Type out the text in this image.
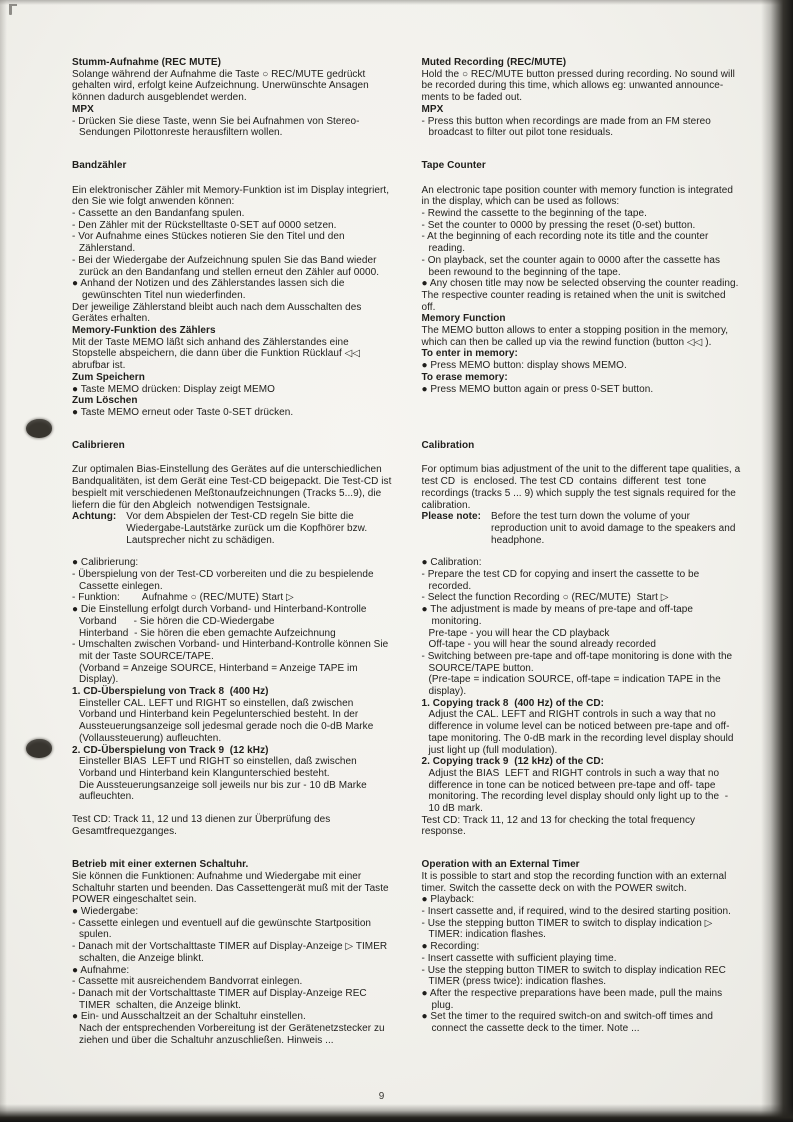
Stumm-Aufnahme (REC MUTE)
Solange während der Aufnahme die Taste ○ REC/MUTE gedrückt gehalten wird, erfolgt keine Aufzeichnung. Unerwünschte Ansagen können dadurch ausgeblendet werden.
MPX
- Drücken Sie diese Taste, wenn Sie bei Aufnahmen von Stereo-Sendungen Pilottonreste herausfiltern wollen.
Muted Recording (REC/MUTE)
Hold the ○ REC/MUTE button pressed during recording. No sound will be recorded during this time, which allows eg: unwanted announce-ments to be faded out.
MPX
- Press this button when recordings are made from an FM stereo broadcast to filter out pilot tone residuals.
Bandzähler
Ein elektronischer Zähler mit Memory-Funktion ist im Display integriert, den Sie wie folgt anwenden können:
- Cassette an den Bandanfang spulen.
- Den Zähler mit der Rückstelltaste 0-SET auf 0000 setzen.
- Vor Aufnahme eines Stückes notieren Sie den Titel und den Zählerstand.
- Bei der Wiedergabe der Aufzeichnung spulen Sie das Band wieder zurück an den Bandanfang und stellen erneut den Zähler auf 0000.
● Anhand der Notizen und des Zählerstandes lassen sich die gewünschten Titel nun wiederfinden.
Der jeweilige Zählerstand bleibt auch nach dem Ausschalten des Gerätes erhalten.
Memory-Funktion des Zählers
Mit der Taste MEMO läßt sich anhand des Zählerstandes eine Stopstelle abspeichern, die dann über die Funktion Rücklauf ◁◁  abrufbar ist.
Zum Speichern
● Taste MEMO drücken: Display zeigt MEMO
Zum Löschen
● Taste MEMO erneut oder Taste 0-SET drücken.
Tape Counter
An electronic tape position counter with memory function is integrated in the display, which can be used as follows:
- Rewind the cassette to the beginning of the tape.
- Set the counter to 0000 by pressing the reset (0-set) button.
- At the beginning of each recording note its title and the counter reading.
- On playback, set the counter again to 0000 after the cassette has been rewound to the beginning of the tape.
● Any chosen title may now be selected observing the counter reading.
The respective counter reading is retained when the unit is switched off.
Memory Function
The MEMO button allows to enter a stopping position in the memory, which can then be called up via the rewind function (button ◁◁ ).
To enter in memory:
● Press MEMO button: display shows MEMO.
To erase memory:
● Press MEMO button again or press 0-SET button.
Calibrieren
Zur optimalen Bias-Einstellung des Gerätes auf die unterschiedlichen Bandqualitäten, ist dem Gerät eine Test-CD beigepackt. Die Test-CD ist bespielt mit verschiedenen Meßtonaufzeichnungen (Tracks 5...9), die liefern die für den Abgleich  notwendigen Testsignale.
Achtung: Vor dem Abspielen der Test-CD regeln Sie bitte die Wiedergabe-Lautstärke zurück um die Kopfhörer bzw. Lautsprecher nicht zu schädigen.
● Calibrierung:
- Überspielung von der Test-CD vorbereiten und die zu bespielende Cassette einlegen.
- Funktion:        Aufnahme ○ (REC/MUTE) Start ▷
● Die Einstellung erfolgt durch Vorband- und Hinterband-Kontrolle
Vorband      - Sie hören die CD-Wiedergabe
Hinterband  - Sie hören die eben gemachte Aufzeichnung
- Umschalten zwischen Vorband- und Hinterband-Kontrolle können Sie mit der Taste SOURCE/TAPE.
(Vorband = Anzeige SOURCE, Hinterband = Anzeige TAPE im Display).
1. CD-Überspielung von Track 8  (400 Hz)
Einsteller CAL. LEFT und RIGHT so einstellen, daß zwischen Vorband und Hinterband kein Pegelunterschied besteht. In der Aussteuerungsanzeige soll jedesmal gerade noch die 0-dB Marke (Vollaussteuerung) aufleuchten.
2. CD-Überspielung von Track 9  (12 kHz)
Einsteller BIAS  LEFT und RIGHT so einstellen, daß zwischen Vorband und Hinterband kein Klangunterschied besteht.
Die Aussteuerungsanzeige soll jeweils nur bis zur - 10 dB Marke aufleuchten.
Test CD: Track 11, 12 und 13 dienen zur Überprüfung des Gesamtfrequezganges.
Calibration
For optimum bias adjustment of the unit to the different tape qualities, a test CD  is  enclosed. The test CD  contains  different  test  tone recordings (tracks 5 ... 9) which supply the test signals required for the calibration.
Please note: Before the test turn down the volume of your reproduction unit to avoid damage to the speakers and headphone.
● Calibration:
- Prepare the test CD for copying and insert the cassette to be recorded.
- Select the function Recording ○ (REC/MUTE)  Start ▷
● The adjustment is made by means of pre-tape and off-tape monitoring.
Pre-tape - you will hear the CD playback
Off-tape - you will hear the sound already recorded
- Switching between pre-tape and off-tape monitoring is done with the SOURCE/TAPE button.
(Pre-tape = indication SOURCE, off-tape = indication TAPE in the display).
1. Copying track 8  (400 Hz) of the CD:
Adjust the CAL. LEFT and RIGHT controls in such a way that no difference in volume level can be noticed between pre-tape and off-tape monitoring. The 0-dB mark in the recording level display should just light up (full modulation).
2. Copying track 9  (12 kHz) of the CD:
Adjust the BIAS  LEFT and RIGHT controls in such a way that no difference in tone can be noticed between pre-tape and off- tape monitoring. The recording level display should only light up to the  - 10 dB mark.
Test CD: Track 11, 12 and 13 for checking the total frequency response.
Betrieb mit einer externen Schaltuhr.
Sie können die Funktionen: Aufnahme und Wiedergabe mit einer Schaltuhr starten und beenden. Das Cassettengerät muß mit der Taste POWER eingeschaltet sein.
● Wiedergabe:
- Cassette einlegen und eventuell auf die gewünschte Startposition spulen.
- Danach mit der Vortschalttaste TIMER auf Display-Anzeige ▷ TIMER  schalten, die Anzeige blinkt.
● Aufnahme:
- Cassette mit ausreichendem Bandvorrat einlegen.
- Danach mit der Vortschalttaste TIMER auf Display-Anzeige REC TIMER  schalten, die Anzeige blinkt.
● Ein- und Ausschaltzeit an der Schaltuhr einstellen.
Nach der entsprechenden Vorbereitung ist der Gerätenetzstecker zu ziehen und über die Schaltuhr anzuschließen. Hinweis ...
Operation with an External Timer
It is possible to start and stop the recording function with an external timer. Switch the cassette deck on with the POWER switch.
● Playback:
- Insert cassette and, if required, wind to the desired starting position.
- Use the stepping button TIMER to switch to display indication ▷ TIMER: indication flashes.
● Recording:
- Insert cassette with sufficient playing time.
- Use the stepping button TIMER to switch to display indication REC TIMER (press twice): indication flashes.
● After the respective preparations have been made, pull the mains plug.
● Set the timer to the required switch-on and switch-off times and connect the cassette deck to the timer. Note ...
9
